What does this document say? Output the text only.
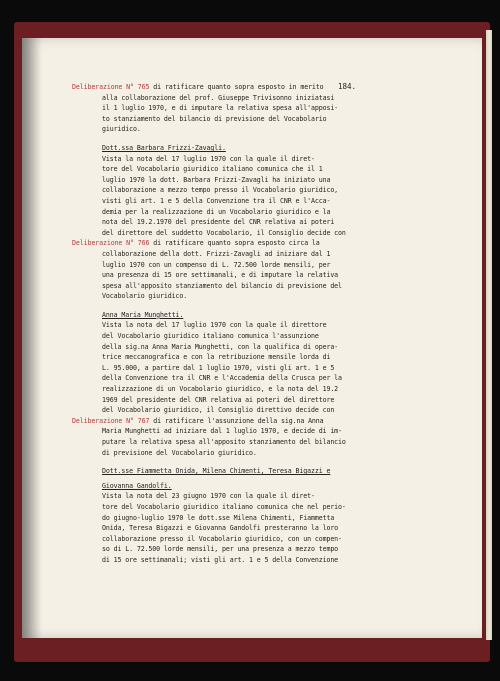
184.
Deliberazione N° 765 di ratificare quanto sopra esposto in merito
alla collaborazione del prof. Giuseppe Trivisonno iniziatasi
il 1 luglio 1970, e di imputare la relativa spesa all'apposi-
to stanziamento del bilancio di previsione del Vocabolario
giuridico.
Dott.ssa Barbara Frizzi-Zavagli.
Vista la nota del 17 luglio 1970 con la quale il diret-
tore del Vocabolario giuridico italiano comunica che il 1
luglio 1970 la dott. Barbara Frizzi-Zavagli ha iniziato una
collaborazione a mezzo tempo presso il Vocabolario giuridico,
visti gli art. 1 e 5 della Convenzione tra il CNR e l'Acca-
demia per la realizzazione di un Vocabolario giuridico e la
nota del 19.2.1970 del presidente del CNR relativa ai poteri
del direttore del suddetto Vocabolario, il Consiglio decide con
Deliberazione N° 766 di ratificare quanto sopra esposto circa la
collaborazione della dott. Frizzi-Zavagli ad iniziare dal 1
luglio 1970 con un compenso di L. 72.500 lorde mensili, per
una presenza di 15 ore settimanali, e di imputare la relativa
spesa all'apposito stanziamento del bilancio di previsione del
Vocabolario giuridico.
Anna Maria Munghetti.
Vista la nota del 17 luglio 1970 con la quale il direttore
del Vocabolario giuridico italiano comunica l'assunzione
della sig.na Anna Maria Munghetti, con la qualifica di opera-
trice meccanografica e con la retribuzione mensile lorda di
L. 95.000, a partire dal 1 luglio 1970, visti gli art. 1 e 5
della Convenzione tra il CNR e l'Accademia della Crusca per la
realizzazione di un Vocabolario giuridico, e la nota del 19.2
1969 del presidente del CNR relativa ai poteri del direttore
del Vocabolario giuridico, il Consiglio direttivo decide con
Deliberazione N° 767 di ratificare l'assunzione della sig.na Anna
Maria Munghetti ad iniziare dal 1 luglio 1970, e decide di im-
putare la relativa spesa all'apposito stanziamento del bilancio
di previsione del Vocabolario giuridico.
Dott.sse Fiammetta Onida, Milena Chimenti, Teresa Bigazzi e
Giovanna Gandolfi.
Vista la nota del 23 giugno 1970 con la quale il diret-
tore del Vocabolario giuridico italiano comunica che nel perio-
do giugno-luglio 1970 le dott.sse Milena Chimenti, Fiammetta
Onida, Teresa Bigazzi e Giovanna Gandolfi presteranno la loro
collaborazione presso il Vocabolario giuridico, con un compen-
so di L. 72.500 lorde mensili, per una presenza a mezzo tempo
di 15 ore settimanali; visti gli art. 1 e 5 della Convenzione
